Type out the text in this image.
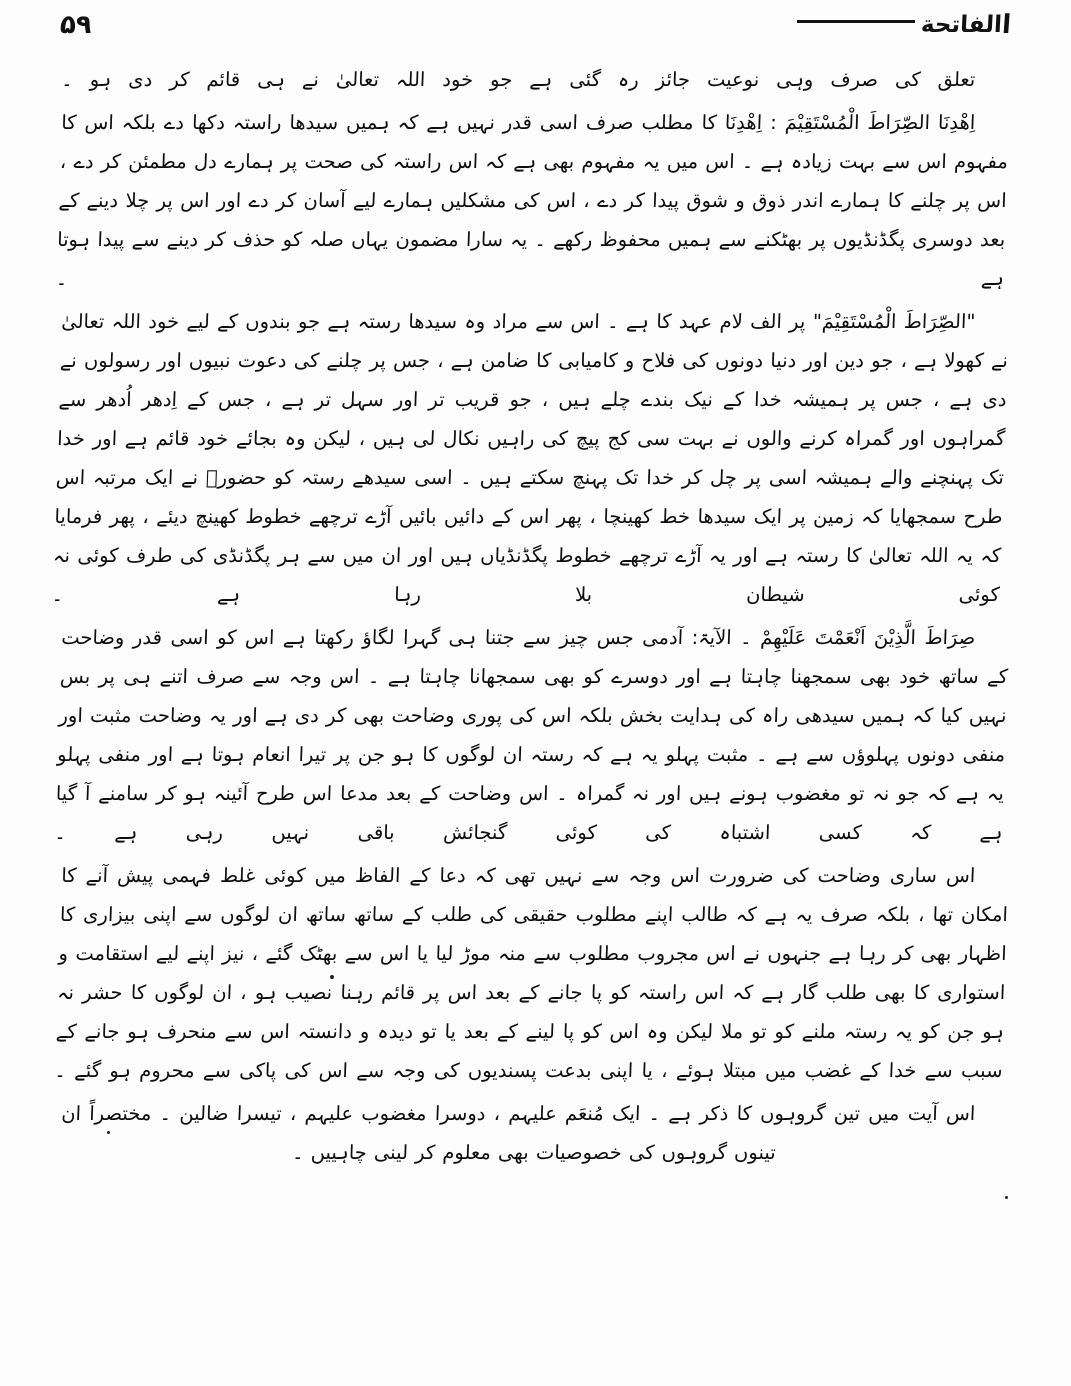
ا
الفاتحة
۵۹

تعلق کی صرف وہی نوعیت جائز رہ گئی ہے جو خود اللہ تعالیٰ نے ہی قائم کر دی ہو ۔

اِهْدِنَا الصِّرَاطَ الْمُسْتَقِيْمَ : اِهْدِنَا کا مطلب صرف اسی قدر نہیں ہے کہ ہمیں سیدھا راستہ دکھا دے بلکہ اس کا مفہوم اس سے بہت زیادہ ہے ۔ اس میں یہ مفہوم بھی ہے کہ اس راستہ کی صحت پر ہمارے دل مطمئن کر دے ، اس پر چلنے کا ہمارے اندر ذوق و شوق پیدا کر دے ، اس کی مشکلیں ہمارے لیے آسان کر دے اور اس پر چلا دینے کے بعد دوسری پگڈنڈیوں پر بھٹکنے سے ہمیں محفوظ رکھے ۔ یہ سارا مضمون یہاں صلہ کو حذف کر دینے سے پیدا ہوتا ہے ۔

"الصِّرَاطَ الْمُسْتَقِيْمَ" پر الف لام عہد کا ہے ۔ اس سے مراد وہ سیدھا رستہ ہے جو بندوں کے لیے خود اللہ تعالیٰ نے کھولا ہے ، جو دین اور دنیا دونوں کی فلاح و کامیابی کا ضامن ہے ، جس پر چلنے کی دعوت نبیوں اور رسولوں نے دی ہے ، جس پر ہمیشہ خدا کے نیک بندے چلے ہیں ، جو قریب تر اور سہل تر ہے ، جس کے اِدھر اُدھر سے گمراہوں اور گمراہ کرنے والوں نے بہت سی کج پیچ کی راہیں نکال لی ہیں ، لیکن وہ بجائے خود قائم ہے اور خدا تک پہنچنے والے ہمیشہ اسی پر چل کر خدا تک پہنچ سکتے ہیں ۔ اسی سیدھے رستہ کو حضورؐ نے ایک مرتبہ اس طرح سمجھایا کہ زمین پر ایک سیدھا خط کھینچا ، پھر اس کے دائیں بائیں آڑے ترچھے خطوط کھینچ دیئے ، پھر فرمایا کہ یہ اللہ تعالیٰ کا رستہ ہے اور یہ آڑے ترچھے خطوط پگڈنڈیاں ہیں اور ان میں سے ہر پگڈنڈی کی طرف کوئی نہ کوئی شیطان بلا رہا ہے ۔

صِرَاطَ الَّذِيْنَ اَنْعَمْتَ عَلَيْهِمْ ۔ الآیۃ: آدمی جس چیز سے جتنا ہی گہرا لگاؤ رکھتا ہے اس کو اسی قدر وضاحت کے ساتھ خود بھی سمجھنا چاہتا ہے اور دوسرے کو بھی سمجھانا چاہتا ہے ۔ اس وجہ سے صرف اتنے ہی پر بس نہیں کیا کہ ہمیں سیدھی راہ کی ہدایت بخش بلکہ اس کی پوری وضاحت بھی کر دی ہے اور یہ وضاحت مثبت اور منفی دونوں پہلوؤں سے ہے ۔ مثبت پہلو یہ ہے کہ رستہ ان لوگوں کا ہو جن پر تیرا انعام ہوتا ہے اور منفی پہلو یہ ہے کہ جو نہ تو مغضوب ہونے ہیں اور نہ گمراہ ۔ اس وضاحت کے بعد مدعا اس طرح آئینہ ہو کر سامنے آ گیا ہے کہ کسی اشتباہ کی کوئی گنجائش باقی نہیں رہی ہے ۔

اس ساری وضاحت کی ضرورت اس وجہ سے نہیں تھی کہ دعا کے الفاظ میں کوئی غلط فہمی پیش آنے کا امکان تھا ، بلکہ صرف یہ ہے کہ طالب اپنے مطلوب حقیقی کی طلب کے ساتھ ساتھ ان لوگوں سے اپنی بیزاری کا اظہار بھی کر رہا ہے جنہوں نے اس مجروب مطلوب سے منہ موڑ لیا یا اس سے بھٹک گئے ، نیز اپنے لیے استقامت و استواری کا بھی طلب گار ہے کہ اس راستہ کو پا جانے کے بعد اس پر قائم رہنا نصیب ہو ، ان لوگوں کا حشر نہ ہو جن کو یہ رستہ ملنے کو تو ملا لیکن وہ اس کو پا لینے کے بعد یا تو دیدہ و دانستہ اس سے منحرف ہو جانے کے سبب سے خدا کے غضب میں مبتلا ہوئے ، یا اپنی بدعت پسندیوں کی وجہ سے اس کی پاکی سے محروم ہو گئے ۔

اس آیت میں تین گروہوں کا ذکر ہے ۔ ایک مُنعَم علیہم ، دوسرا مغضوب علیہم ، تیسرا ضالین ۔ مختصراً ان تینوں گروہوں کی خصوصیات بھی معلوم کر لینی چاہییں ۔
